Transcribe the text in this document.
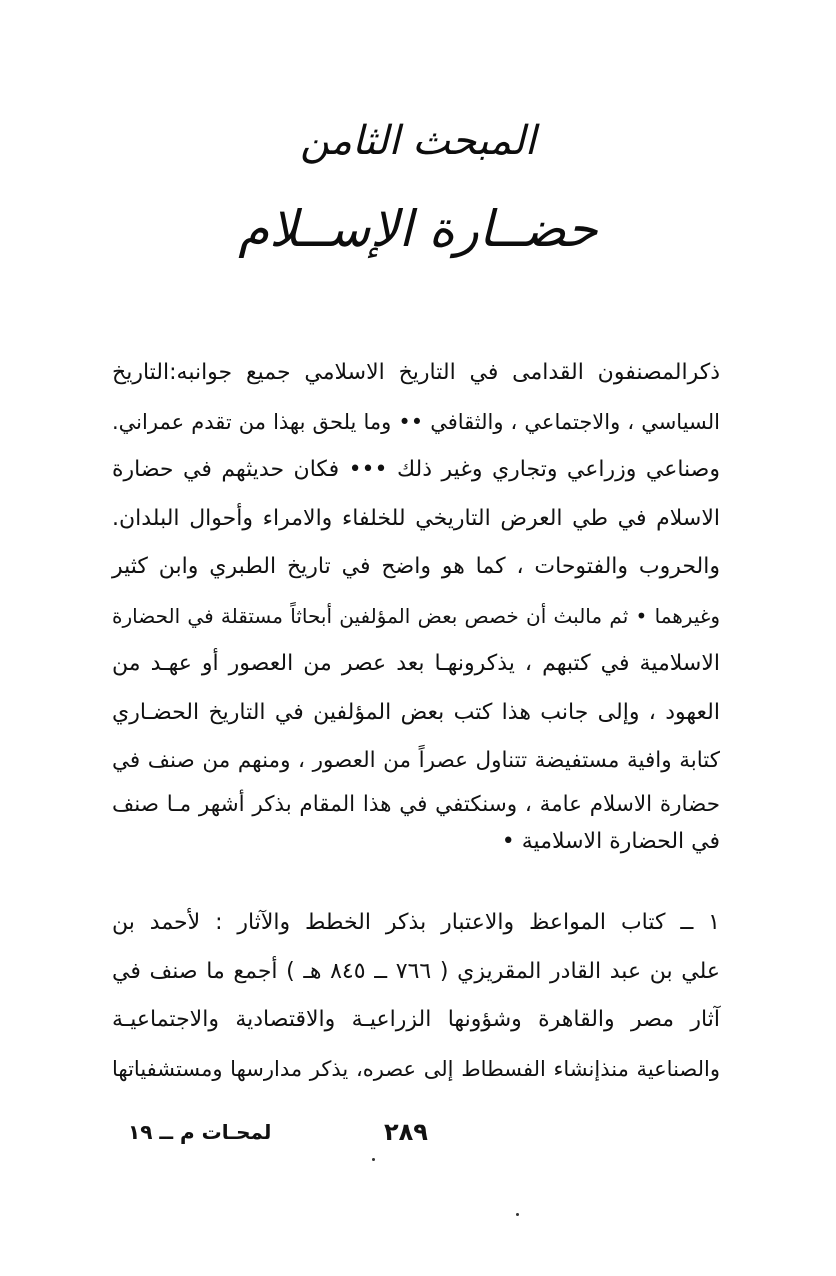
المبحث الثامن
حضــارة الإســلام
ذكرالمصنفون القدامى في التاريخ الاسلامي جميع جوانبه:التاريخ
السياسي ، والاجتماعي ، والثقافي •• وما يلحق بهذا من تقدم عمراني.
وصناعي وزراعي وتجاري وغير ذلك ••• فكان حديثهم في حضارة
الاسلام في طي العرض التاريخي للخلفاء والامراء وأحوال البلدان.
والحروب والفتوحات ، كما هو واضح في تاريخ الطبري وابن كثير
وغيرهما • ثم مالبث أن خصص بعض المؤلفين أبحاثاً مستقلة في الحضارة
الاسلامية في كتبهم ، يذكرونهـا بعد عصر من العصور أو عهـد من
العهود ، وإلى جانب هذا كتب بعض المؤلفين في التاريخ الحضـاري
كتابة وافية مستفيضة تتناول عصراً من العصور ، ومنهم من صنف في
حضارة الاسلام عامة ، وسنكتفي في هذا المقام بذكر أشهر مـا صنف
في الحضارة الاسلامية •
١ ــ كتاب المواعظ والاعتبار بذكر الخطط والآثار : لأحمد بن
علي بن عبد القادر المقريزي ( ٧٦٦ ــ ٨٤٥ هـ ) أجمع ما صنف في
آثار مصر والقاهرة وشؤونها الزراعيـة والاقتصادية والاجتماعيـة
والصناعية منذإنشاء الفسطاط إلى عصره، يذكر مدارسها ومستشفياتها
٢٨٩
لمحـات م ــ ١٩
